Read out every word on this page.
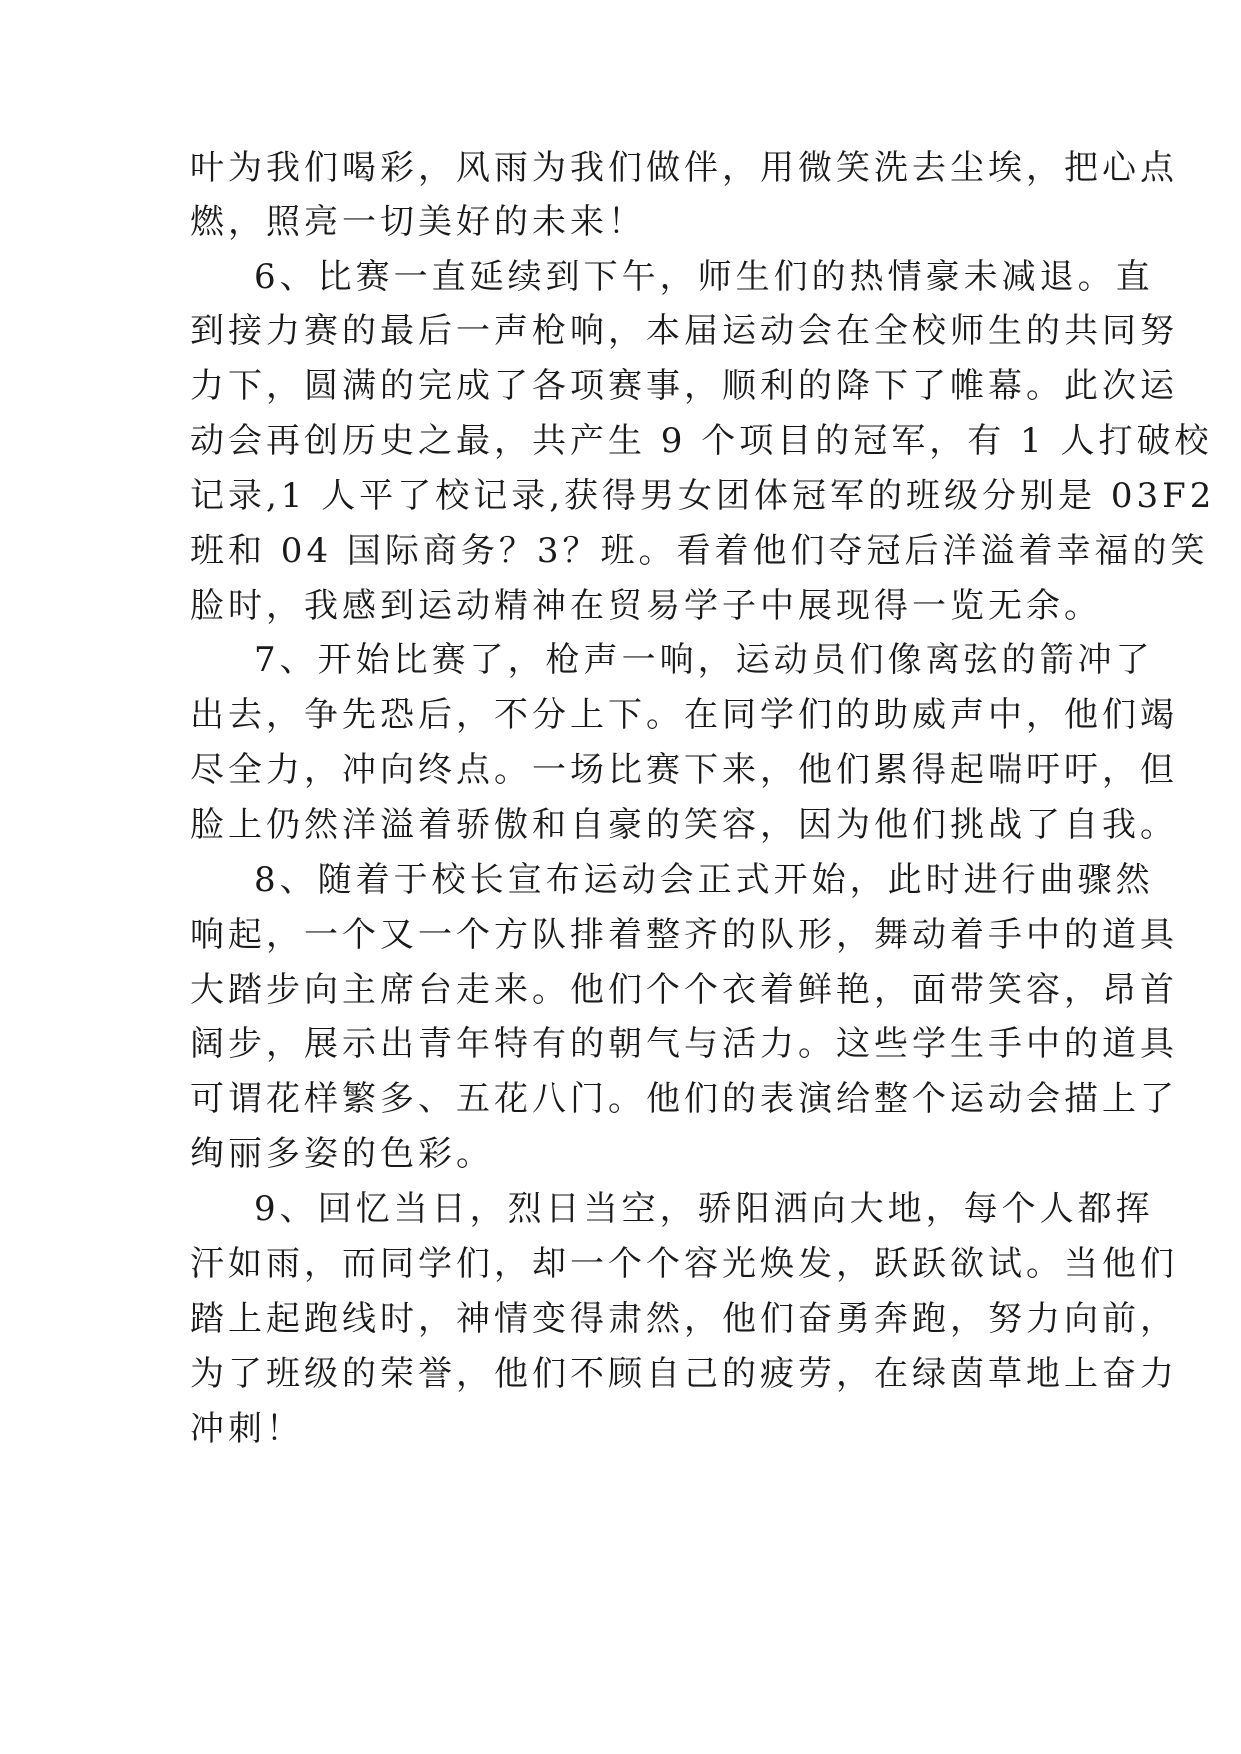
叶为我们喝彩，风雨为我们做伴，用微笑洗去尘埃，把心点
燃，照亮一切美好的未来！
6、比赛一直延续到下午，师生们的热情豪未减退。直
到接力赛的最后一声枪响，本届运动会在全校师生的共同努
力下，圆满的完成了各项赛事，顺利的降下了帷幕。此次运
动会再创历史之最，共产生 9 个项目的冠军，有 1 人打破校
记录,1 人平了校记录,获得男女团体冠军的班级分别是 03F2
班和 04 国际商务？3？班。看着他们夺冠后洋溢着幸福的笑
脸时，我感到运动精神在贸易学子中展现得一览无余。
7、开始比赛了，枪声一响，运动员们像离弦的箭冲了
出去，争先恐后，不分上下。在同学们的助威声中，他们竭
尽全力，冲向终点。一场比赛下来，他们累得起喘吁吁，但
脸上仍然洋溢着骄傲和自豪的笑容，因为他们挑战了自我。
8、随着于校长宣布运动会正式开始，此时进行曲骤然
响起，一个又一个方队排着整齐的队形，舞动着手中的道具
大踏步向主席台走来。他们个个衣着鲜艳，面带笑容，昂首
阔步，展示出青年特有的朝气与活力。这些学生手中的道具
可谓花样繁多、五花八门。他们的表演给整个运动会描上了
绚丽多姿的色彩。
9、回忆当日，烈日当空，骄阳洒向大地，每个人都挥
汗如雨，而同学们，却一个个容光焕发，跃跃欲试。当他们
踏上起跑线时，神情变得肃然，他们奋勇奔跑，努力向前，
为了班级的荣誉，他们不顾自己的疲劳，在绿茵草地上奋力
冲刺！
